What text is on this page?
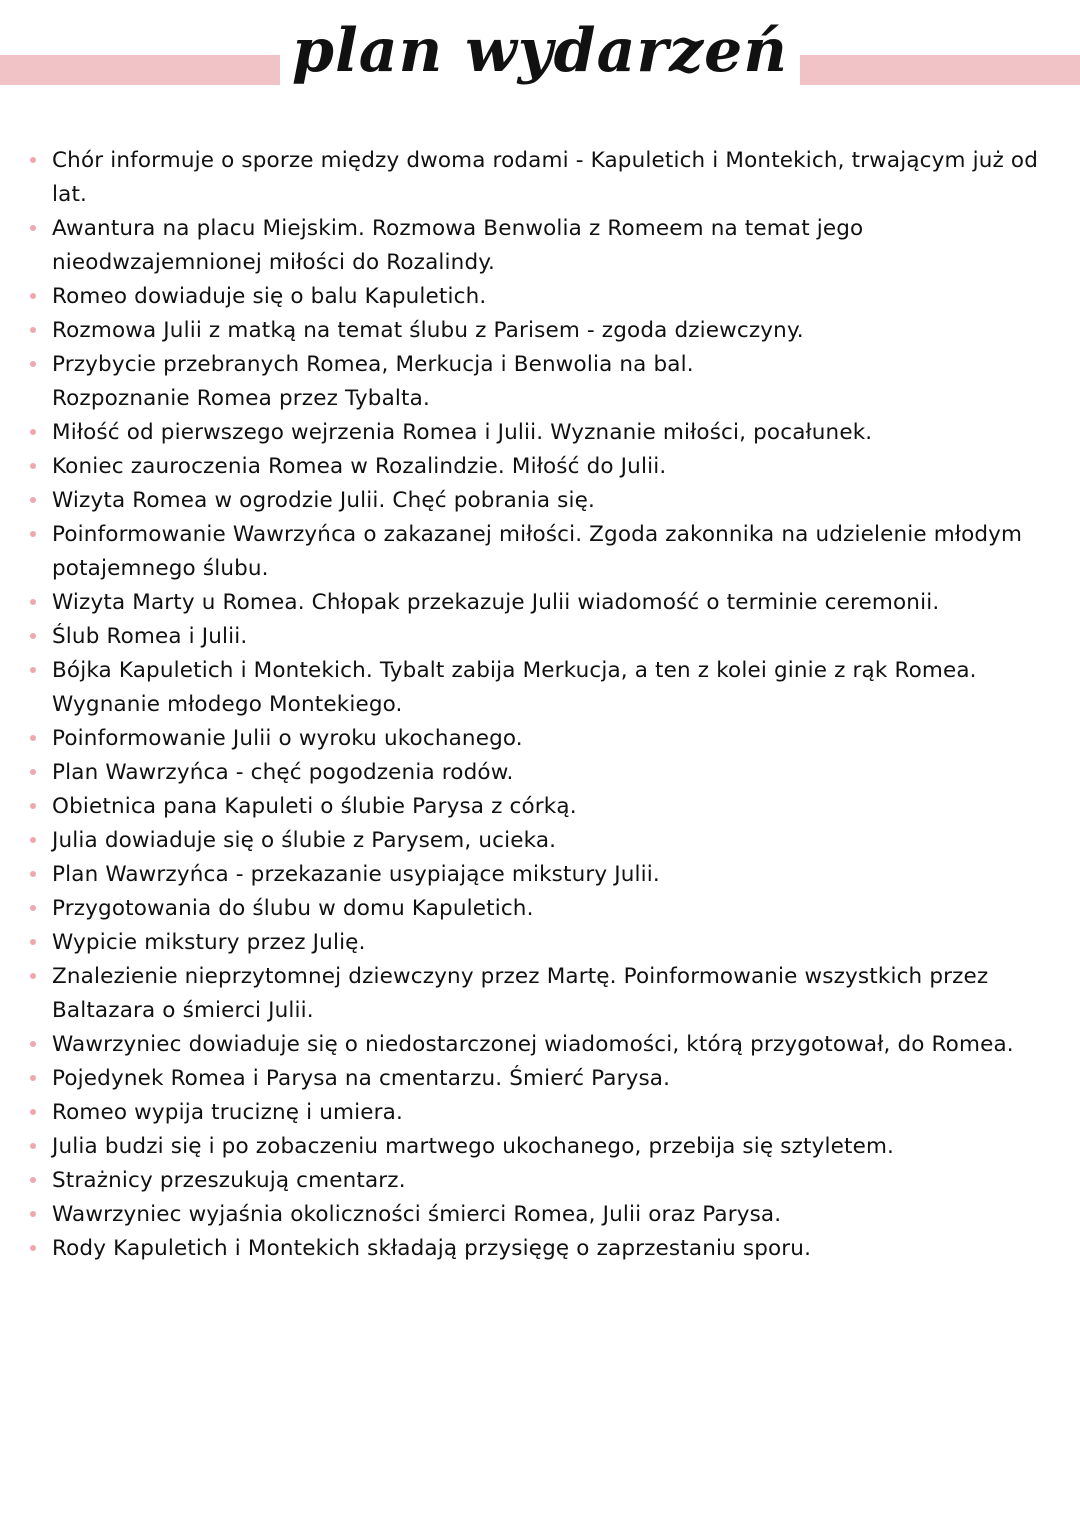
plan wydarzeń
Chór informuje o sporze między dwoma rodami - Kapuletich i Montekich, trwającym już od lat.
Awantura na placu Miejskim. Rozmowa Benwolia z Romeem na temat jego nieodwzajemnionej miłości do Rozalindy.
Romeo dowiaduje się o balu Kapuletich.
Rozmowa Julii z matką na temat ślubu z Parisem - zgoda dziewczyny.
Przybycie przebranych Romea, Merkucja i Benwolia na bal.
Rozpoznanie Romea przez Tybalta.
Miłość od pierwszego wejrzenia Romea i Julii. Wyznanie miłości, pocałunek.
Koniec zauroczenia Romea w Rozalindzie. Miłość do Julii.
Wizyta Romea w ogrodzie Julii. Chęć pobrania się.
Poinformowanie Wawrzyńca o zakazanej miłości. Zgoda zakonnika na udzielenie młodym potajemnego ślubu.
Wizyta Marty u Romea. Chłopak przekazuje Julii wiadomość o terminie ceremonii.
Ślub Romea i Julii.
Bójka Kapuletich i Montekich. Tybalt zabija Merkucja, a ten z kolei ginie z rąk Romea.
Wygnanie młodego Montekiego.
Poinformowanie Julii o wyroku ukochanego.
Plan Wawrzyńca - chęć pogodzenia rodów.
Obietnica pana Kapuleti o ślubie Parysa z córką.
Julia dowiaduje się o ślubie z Parysem, ucieka.
Plan Wawrzyńca - przekazanie usypiające mikstury Julii.
Przygotowania do ślubu w domu Kapuletich.
Wypicie mikstury przez Julię.
Znalezienie nieprzytomnej dziewczyny przez Martę. Poinformowanie wszystkich przez Baltazara o śmierci Julii.
Wawrzyniec dowiaduje się o niedostarczonej wiadomości, którą przygotował, do Romea.
Pojedynek Romea i Parysa na cmentarzu. Śmierć Parysa.
Romeo wypija truciznę i umiera.
Julia budzi się i po zobaczeniu martwego ukochanego, przebija się sztyletem.
Strażnicy przeszukują cmentarz.
Wawrzyniec wyjaśnia okoliczności śmierci Romea, Julii oraz Parysa.
Rody Kapuletich i Montekich składają przysięgę o zaprzestaniu sporu.
